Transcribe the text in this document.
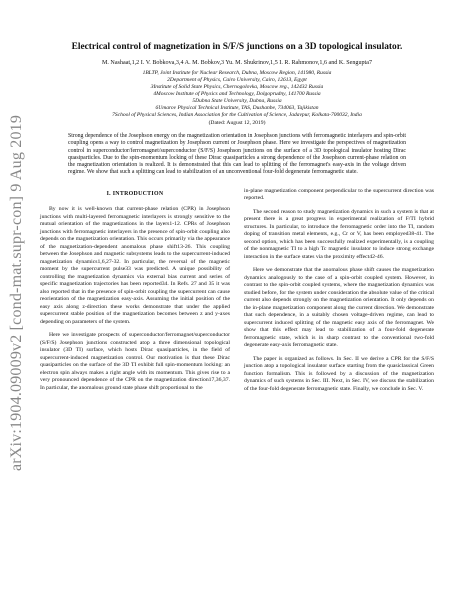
arXiv:1904.09009v2 [cond-mat.supr-con] 9 Aug 2019
Electrical control of magnetization in S/F/S junctions on a 3D topological insulator.
M. Nashaat,1,2 I. V. Bobkova,3,4 A. M. Bobkov,3 Yu. M. Shukrinov,1,5 I. R. Rahmonov,1,6 and K. Sengupta7
1BLTP, Joint Institute for Nuclear Research, Dubna, Moscow Region, 141980, Russia
2Department of Physics, Cairo University, Cairo, 12613, Egypt
3Institute of Solid State Physics, Chernogolovka, Moscow reg., 142432 Russia
4Moscow Institute of Physics and Technology, Dolgoprudny, 141700 Russia
5Dubna State University, Dubna, Russia
6Umarov Physical Technical Institute, TAS, Dushanbe, 734063, Tajikistan
7School of Physical Sciences, Indian Association for the Cultivation of Science, Jadavpur, Kolkata-700032, India
(Dated: August 12, 2019)
Strong dependence of the Josephson energy on the magnetization orientation in Josephson junctions with ferromagnetic interlayers and spin-orbit coupling opens a way to control magnetization by Josephson current or Josephson phase. Here we investigate the perspectives of magnetization control in superconductor/ferromagnet/superconductor (S/F/S) Josephson junctions on the surface of a 3D topological insulator hosting Dirac quasiparticles. Due to the spin-momentum locking of these Dirac quasiparticles a strong dependence of the Josephson current-phase relation on the magnetization orientation is realized. It is demonstrated that this can lead to splitting of the ferromagnet's easy-axis in the voltage driven regime. We show that such a splitting can lead to stabilization of an unconventional four-fold degenerate ferromagnetic state.
I. INTRODUCTION

By now it is well-known that current-phase relation (CPR) in Josephson junctions with multi-layered ferromagnetic interlayers is strongly sensitive to the mutual orientation of the magnetizations in the layers1-12. CPRs of Josephson junctions with ferromagnetic interlayers in the presence of spin-orbit coupling also depends on the magnetization orientation. This occurs primarily via the appearance of the magnetization-dependent anomalous phase shift13-26. This coupling between the Josephson and magnetic subsystems leads to the supercurrent-induced magnetization dynamics1,6,27-32. In particular, the reversal of the magnetic moment by the supercurrent pulse33 was predicted. A unique possibility of controlling the magnetization dynamics via external bias current and series of specific magnetization trajectories has been reported34. In Refs. 27 and 35 it was also reported that in the presence of spin-orbit coupling the supercurrent can cause reorientation of the magnetization easy-axis. Assuming the initial position of the easy axis along z-direction these works demonstrate that under the applied supercurrent stable position of the magnetization becomes between z and y-axes depending on parameters of the system.

Here we investigate prospects of superconductor/ferromagnet/superconductor (S/F/S) Josephson junctions constructed atop a three dimensional topological insulator (3D TI) surface, which hosts Dirac quasiparticles, in the field of supercurrent-induced magnetization control. Our motivation is that these Dirac quasiparticles on the surface of the 3D TI exhibit full spin-momentum locking: an electron spin always makes a right angle with its momentum. This gives rise to a very pronounced dependence of the CPR on the magnetization direction17,36,37. In particular, the anomalous ground state phase shift proportional to the

in-plane magnetization component perpendicular to the supercurrent direction was reported.

The second reason to study magnetization dynamics in such a system is that at present there is a great progress in experimental realization of F/TI hybrid structures. In particular, to introduce the ferromagnetic order into the TI, random doping of transition metal elements, e.g., Cr or V, has been employed38-41. The second option, which has been successfully realized experimentally, is a coupling of the nonmagnetic TI to a high Tc magnetic insulator to induce strong exchange interaction in the surface states via the proximity effect42-46.

Here we demonstrate that the anomalous phase shift causes the magnetization dynamics analogously to the case of a spin-orbit coupled system. However, in contrast to the spin-orbit coupled systems, where the magnetization dynamics was studied before, for the system under consideration the absolute value of the critical current also depends strongly on the magnetization orientation. It only depends on the in-plane magnetization component along the current direction. We demonstrate that such dependence, in a suitably chosen voltage-driven regime, can lead to supercurrent induced splitting of the magnetic easy axis of the ferromagnet. We show that this effect may lead to stabilization of a four-fold degenerate ferromagnetic state, which is in sharp contrast to the conventional two-fold degenerate easy-axis ferromagnetic state.

The paper is organized as follows. In Sec. II we derive a CPR for the S/F/S junction atop a topological insulator surface starting from the quasiclassical Green function formalism. This is followed by a discussion of the magnetization dynamics of such systems in Sec. III. Next, in Sec. IV, we discuss the stabilization of the four-fold degenerate ferromagnetic state. Finally, we conclude in Sec. V.
